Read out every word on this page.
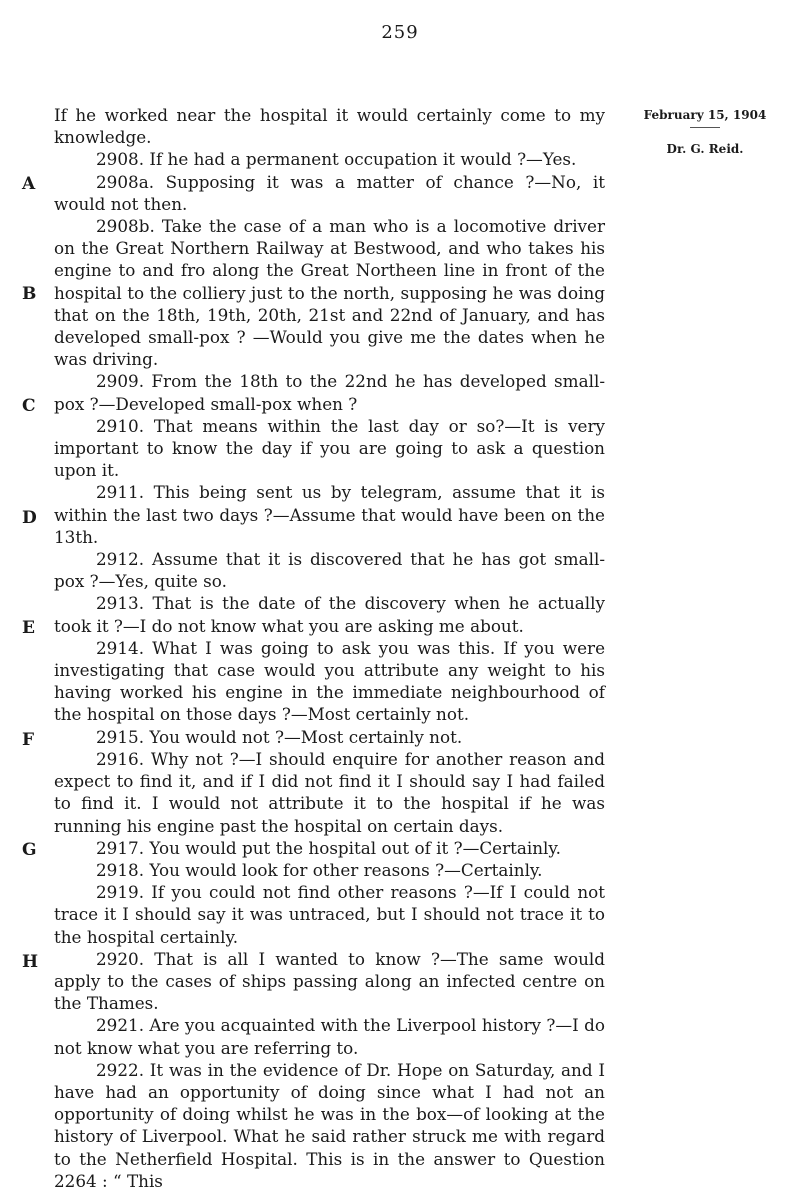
259
February 15, 1904
Dr. G. Reid.
A
B
C
D
E
F
G
H

If he worked near the hospital it would certainly come to my knowledge.

2908. If he had a permanent occupation it would ?—Yes.

2908a. Supposing it was a matter of chance ?—No, it would not then.

2908b. Take the case of a man who is a locomotive driver on the Great Northern Railway at Bestwood, and who takes his engine to and fro along the Great Northeen line in front of the hospital to the colliery just to the north, supposing he was doing that on the 18th, 19th, 20th, 21st and 22nd of January, and has developed small-pox ? —Would you give me the dates when he was driving.

2909. From the 18th to the 22nd he has developed small-pox ?—Developed small-pox when ?

2910. That means within the last day or so?—It is very important to know the day if you are going to ask a question upon it.

2911. This being sent us by telegram, assume that it is within the last two days ?—Assume that would have been on the 13th.

2912. Assume that it is discovered that he has got small-pox ?—Yes, quite so.

2913. That is the date of the discovery when he actually took it ?—I do not know what you are asking me about.

2914. What I was going to ask you was this. If you were investigating that case would you attribute any weight to his having worked his engine in the immediate neighbourhood of the hospital on those days ?—Most certainly not.

2915. You would not ?—Most certainly not.

2916. Why not ?—I should enquire for another reason and expect to find it, and if I did not find it I should say I had failed to find it. I would not attribute it to the hospital if he was running his engine past the hospital on certain days.

2917. You would put the hospital out of it ?—Certainly.

2918. You would look for other reasons ?—Certainly.

2919. If you could not find other reasons ?—If I could not trace it I should say it was untraced, but I should not trace it to the hospital certainly.

2920. That is all I wanted to know ?—The same would apply to the cases of ships passing along an infected centre on the Thames.

2921. Are you acquainted with the Liverpool history ?—I do not know what you are referring to.

2922. It was in the evidence of Dr. Hope on Saturday, and I have had an opportunity of doing since what I had not an opportunity of doing whilst he was in the box—of looking at the history of Liverpool. What he said rather struck me with regard to the Netherfield Hospital. This is in the answer to Question 2264 : “ This
